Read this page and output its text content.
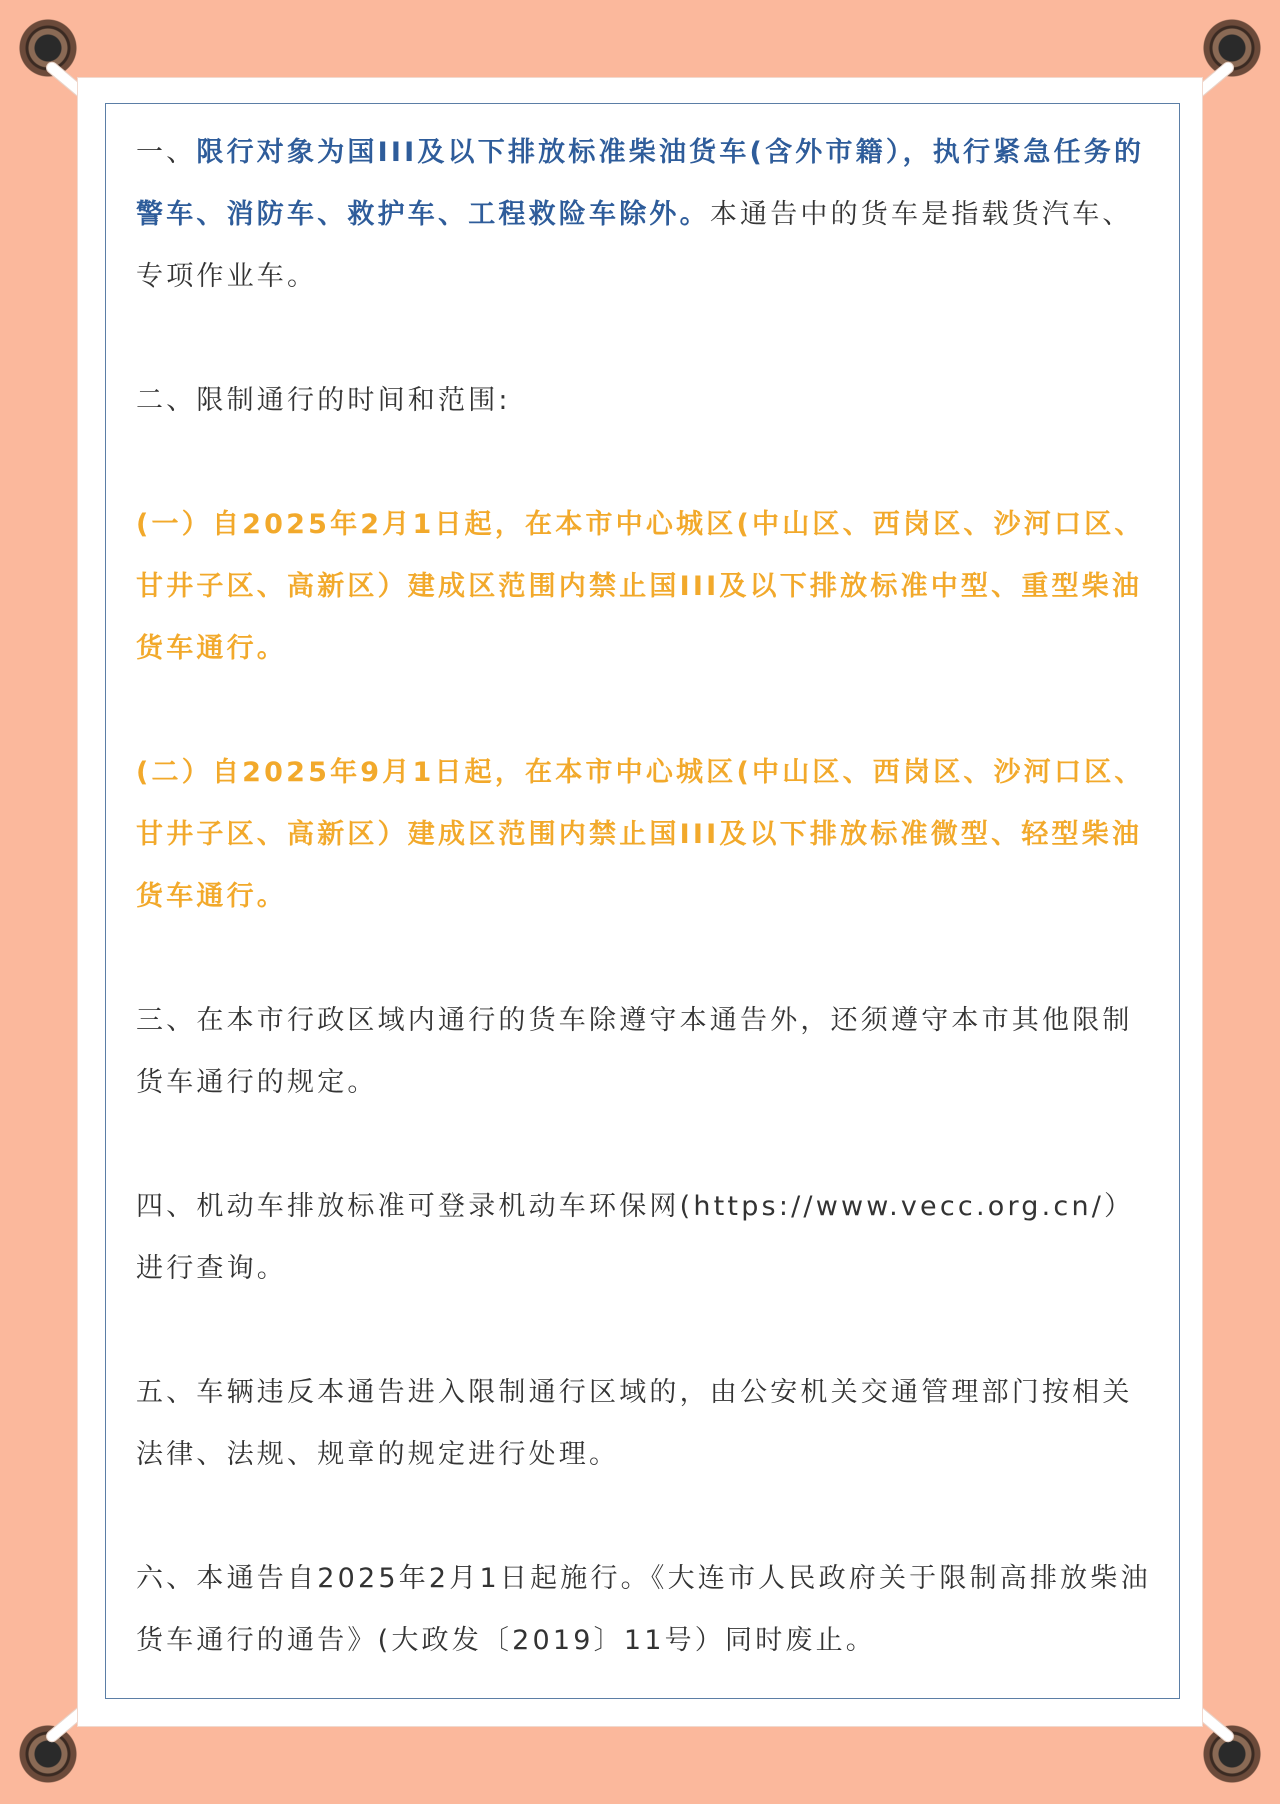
一、限行对象为国III及以下排放标准柴油货车(含外市籍），执行紧急任务的警车、消防车、救护车、工程救险车除外。本通告中的货车是指载货汽车、专项作业车。

二、限制通行的时间和范围:

(一）自2025年2月1日起，在本市中心城区(中山区、西岗区、沙河口区、甘井子区、高新区）建成区范围内禁止国III及以下排放标准中型、重型柴油货车通行。

(二）自2025年9月1日起，在本市中心城区(中山区、西岗区、沙河口区、甘井子区、高新区）建成区范围内禁止国III及以下排放标准微型、轻型柴油货车通行。

三、在本市行政区域内通行的货车除遵守本通告外，还须遵守本市其他限制货车通行的规定。

四、机动车排放标准可登录机动车环保网(https://www.vecc.org.cn/）进行查询。

五、车辆违反本通告进入限制通行区域的，由公安机关交通管理部门按相关法律、法规、规章的规定进行处理。

六、本通告自2025年2月1日起施行。《大连市人民政府关于限制高排放柴油货车通行的通告》(大政发〔2019〕11号）同时废止。
